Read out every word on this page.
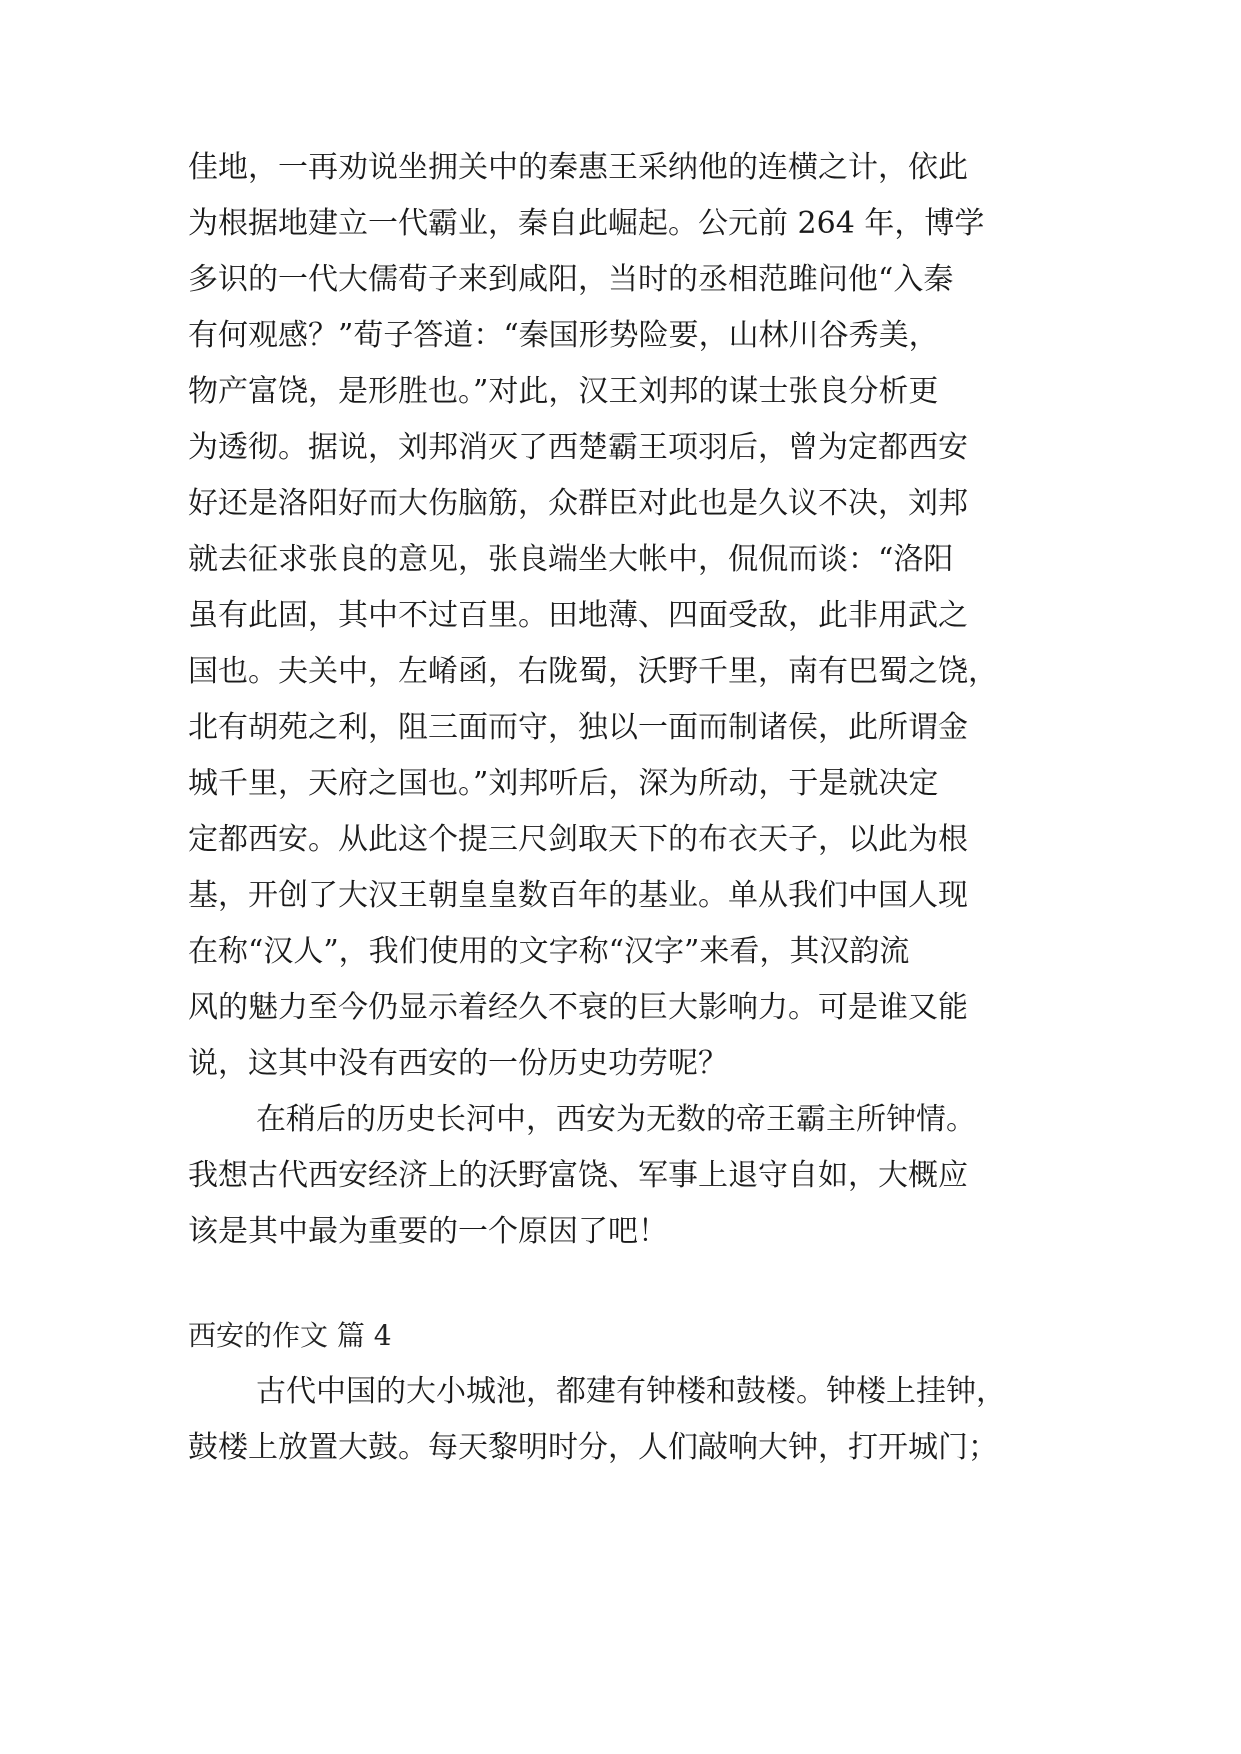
佳地，一再劝说坐拥关中的秦惠王采纳他的连横之计，依此
为根据地建立一代霸业，秦自此崛起。公元前 264 年，博学
多识的一代大儒荀子来到咸阳，当时的丞相范雎问他“入秦
有何观感？”荀子答道：“秦国形势险要，山林川谷秀美，
物产富饶，是形胜也。”对此，汉王刘邦的谋士张良分析更
为透彻。据说，刘邦消灭了西楚霸王项羽后，曾为定都西安
好还是洛阳好而大伤脑筋，众群臣对此也是久议不决，刘邦
就去征求张良的意见，张良端坐大帐中，侃侃而谈：“洛阳
虽有此固，其中不过百里。田地薄、四面受敌，此非用武之
国也。夫关中，左崤函，右陇蜀，沃野千里，南有巴蜀之饶，
北有胡苑之利，阻三面而守，独以一面而制诸侯，此所谓金
城千里，天府之国也。”刘邦听后，深为所动，于是就决定
定都西安。从此这个提三尺剑取天下的布衣天子，以此为根
基，开创了大汉王朝皇皇数百年的基业。单从我们中国人现
在称“汉人”，我们使用的文字称“汉字”来看，其汉韵流
风的魅力至今仍显示着经久不衰的巨大影响力。可是谁又能
说，这其中没有西安的一份历史功劳呢？
在稍后的历史长河中，西安为无数的帝王霸主所钟情。
我想古代西安经济上的沃野富饶、军事上退守自如，大概应
该是其中最为重要的一个原因了吧！
西安的作文 篇 4
古代中国的大小城池，都建有钟楼和鼓楼。钟楼上挂钟，
鼓楼上放置大鼓。每天黎明时分，人们敲响大钟，打开城门；
